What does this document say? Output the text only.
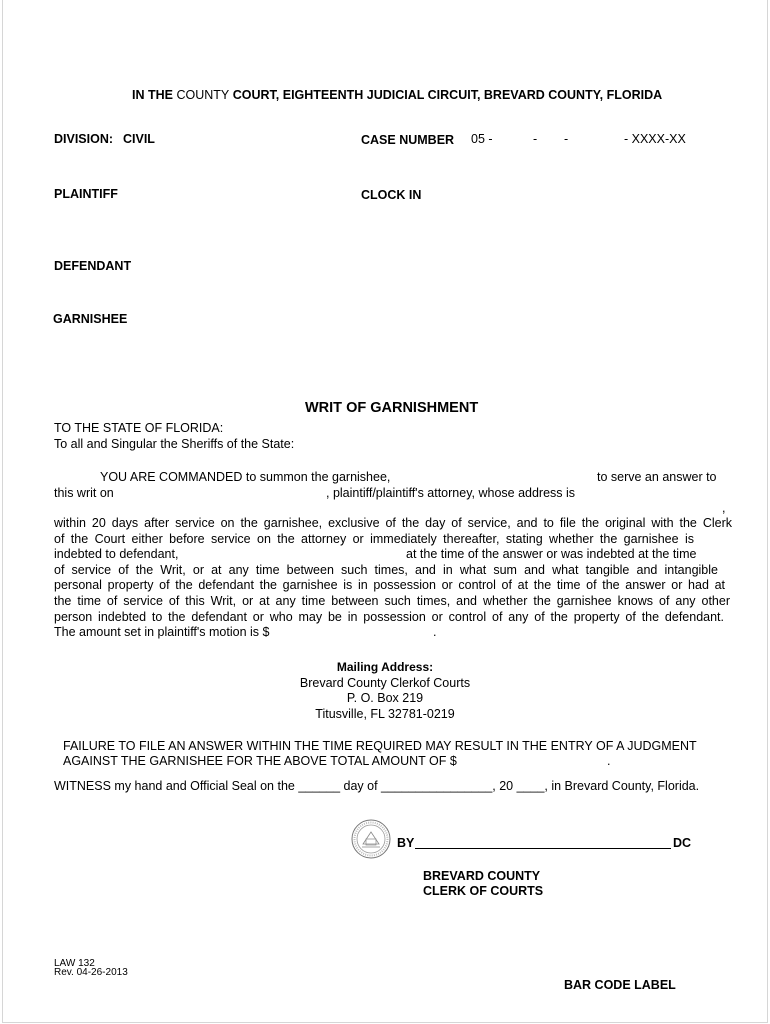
IN THE COUNTY COURT, EIGHTEENTH JUDICIAL CIRCUIT, BREVARD COUNTY, FLORIDA
DIVISION: CIVIL	CASE NUMBER 05 -	- -	- XXXX-XX
PLAINTIFF	CLOCK IN
DEFENDANT
GARNISHEE
WRIT OF GARNISHMENT
TO THE STATE OF FLORIDA:
To all and Singular the Sheriffs of the State:
YOU ARE COMMANDED to summon the garnishee,	to serve an answer to
this writ on	, plaintiff/plaintiff's attorney, whose address is
,
within 20 days after service on the garnishee, exclusive of the day of service, and to file the original with the Clerk
of the Court either before service on the attorney or immediately thereafter, stating whether the garnishee is
indebted to defendant,	at the time of the answer or was indebted at the time
of service of the Writ, or at any time between such times, and in what sum and what tangible and intangible
personal property of the defendant the garnishee is in possession or control of at the time of the answer or had at
the time of service of this Writ, or at any time between such times, and whether the garnishee knows of any other
person indebted to the defendant or who may be in possession or control of any of the property of the defendant.
The amount set in plaintiff's motion is $	.
Mailing Address:
Brevard County Clerkof Courts
P. O. Box 219
Titusville, FL 32781-0219
FAILURE TO FILE AN ANSWER WITHIN THE TIME REQUIRED MAY RESULT IN THE ENTRY OF A JUDGMENT
AGAINST THE GARNISHEE FOR THE ABOVE TOTAL AMOUNT OF $	.
WITNESS my hand and Official Seal on the ______ day of ________________, 20 ____, in Brevard County, Florida.
BY	DC
BREVARD COUNTY
CLERK OF COURTS
LAW 132
Rev. 04-26-2013
BAR CODE LABEL
